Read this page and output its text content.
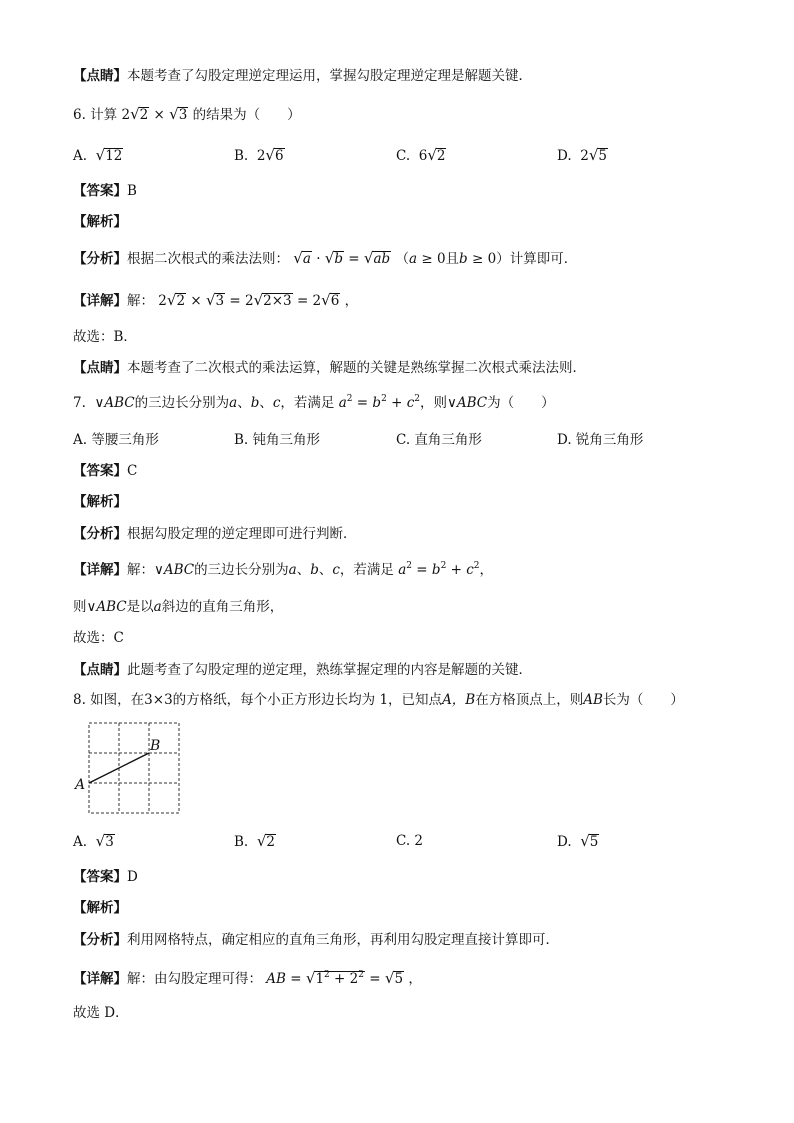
【点睛】本题考查了勾股定理逆定理运用，掌握勾股定理逆定理是解题关键．
6. 计算 2√2 × √3 的结果为（　　）
A. √12	B. 2√6	C. 6√2	D. 2√5
【答案】B
【解析】
【分析】根据二次根式的乘法法则： √a · √b = √ab （a ≥ 0且b ≥ 0）计算即可．
【详解】解： 2√2 × √3 = 2√2×3 = 2√6 ，
故选：B．
【点睛】本题考查了二次根式的乘法运算，解题的关键是熟练掌握二次根式乘法法则．
7. ∨ABC的三边长分别为a、b、c，若满足 $a^2 = b^2 + c^2$，则∨ABC为（　　）
A. 等腰三角形	B. 钝角三角形	C. 直角三角形	D. 锐角三角形
【答案】C
【解析】
【分析】根据勾股定理的逆定理即可进行判断．
【详解】解：∨ABC的三边长分别为a、b、c，若满足 $a^2 = b^2 + c^2$，
则∨ABC是以a斜边的直角三角形，
故选：C
【点睛】此题考查了勾股定理的逆定理，熟练掌握定理的内容是解题的关键．
8. 如图，在3×3的方格纸，每个小正方形边长均为 1，已知点A，B在方格顶点上，则AB长为（　　）
A
B
A. √3	B. √2	C. 2	D. √5
【答案】D
【解析】
【分析】利用网格特点，确定相应的直角三角形，再利用勾股定理直接计算即可．
【详解】解：由勾股定理可得： AB = $√1^2 + 2^2 = √5$ ，
故选 D．
